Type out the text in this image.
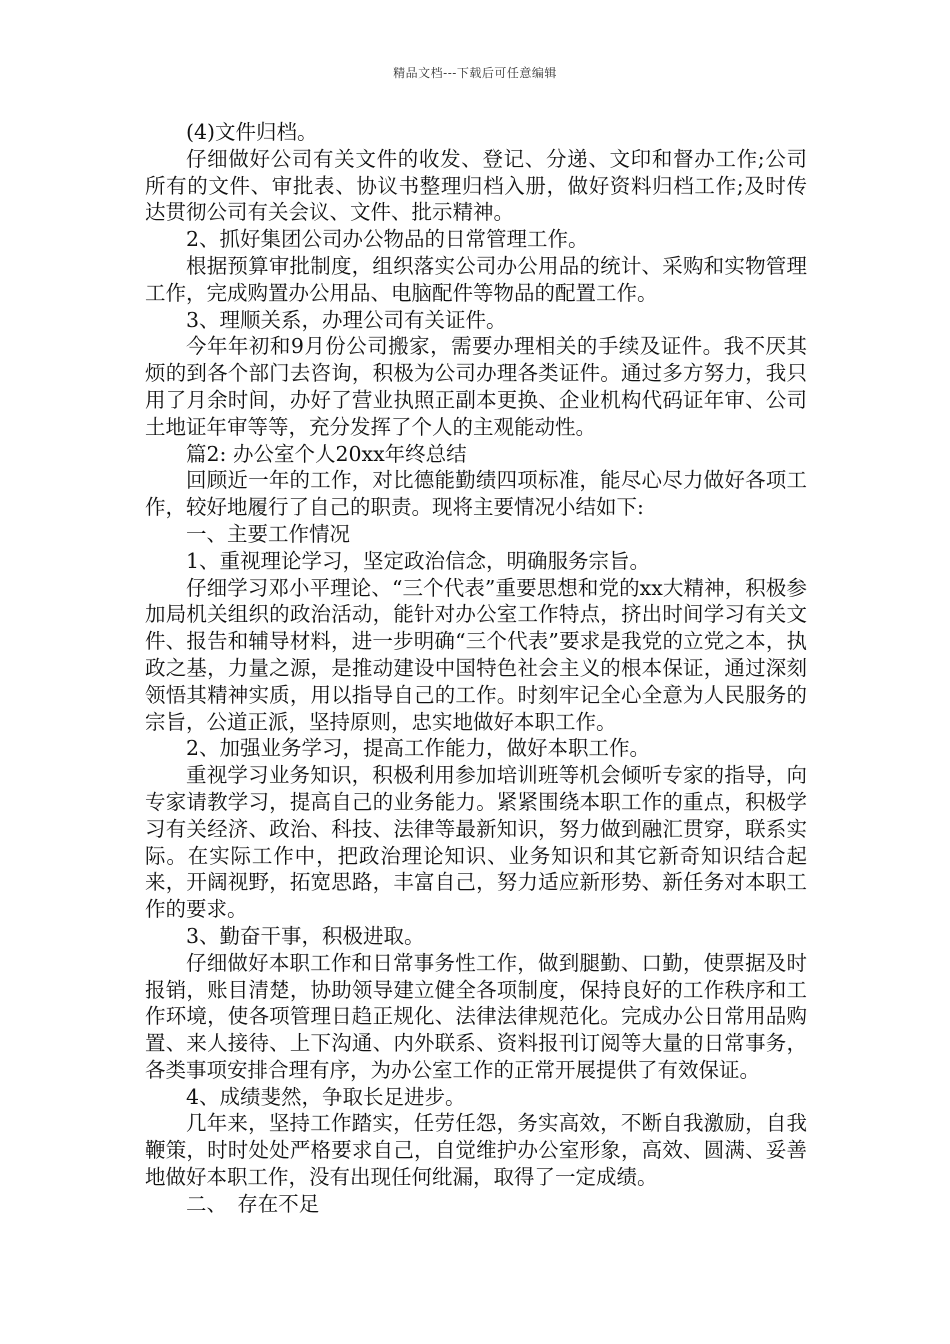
精品文档---下载后可任意编辑

(4)文件归档。

仔细做好公司有关文件的收发、登记、分递、文印和督办工作;公司所有的文件、审批表、协议书整理归档入册，做好资料归档工作;及时传达贯彻公司有关会议、文件、批示精神。

2、抓好集团公司办公物品的日常管理工作。

根据预算审批制度，组织落实公司办公用品的统计、采购和实物管理工作，完成购置办公用品、电脑配件等物品的配置工作。

3、理顺关系，办理公司有关证件。

今年年初和9月份公司搬家，需要办理相关的手续及证件。我不厌其烦的到各个部门去咨询，积极为公司办理各类证件。通过多方努力，我只用了月余时间，办好了营业执照正副本更换、企业机构代码证年审、公司土地证年审等等，充分发挥了个人的主观能动性。

篇2: 办公室个人20xx年终总结

回顾近一年的工作，对比德能勤绩四项标准，能尽心尽力做好各项工作，较好地履行了自己的职责。现将主要情况小结如下:

一、主要工作情况

1、重视理论学习，坚定政治信念，明确服务宗旨。

仔细学习邓小平理论、“三个代表”重要思想和党的xx大精神，积极参加局机关组织的政治活动，能针对办公室工作特点，挤出时间学习有关文件、报告和辅导材料，进一步明确“三个代表”要求是我党的立党之本，执政之基，力量之源，是推动建设中国特色社会主义的根本保证，通过深刻领悟其精神实质，用以指导自己的工作。时刻牢记全心全意为人民服务的宗旨，公道正派，坚持原则，忠实地做好本职工作。

2、加强业务学习，提高工作能力，做好本职工作。

重视学习业务知识，积极利用参加培训班等机会倾听专家的指导，向专家请教学习，提高自己的业务能力。紧紧围绕本职工作的重点，积极学习有关经济、政治、科技、法律等最新知识，努力做到融汇贯穿，联系实际。在实际工作中，把政治理论知识、业务知识和其它新奇知识结合起来，开阔视野，拓宽思路，丰富自己，努力适应新形势、新任务对本职工作的要求。

3、勤奋干事，积极进取。

仔细做好本职工作和日常事务性工作，做到腿勤、口勤，使票据及时报销，账目清楚，协助领导建立健全各项制度，保持良好的工作秩序和工作环境，使各项管理日趋正规化、法律法律规范化。完成办公日常用品购置、来人接待、上下沟通、内外联系、资料报刊订阅等大量的日常事务，各类事项安排合理有序，为办公室工作的正常开展提供了有效保证。

4、成绩斐然，争取长足进步。

几年来，坚持工作踏实，任劳任怨，务实高效，不断自我激励，自我鞭策，时时处处严格要求自己，自觉维护办公室形象，高效、圆满、妥善地做好本职工作，没有出现任何纰漏，取得了一定成绩。

二、　存在不足
